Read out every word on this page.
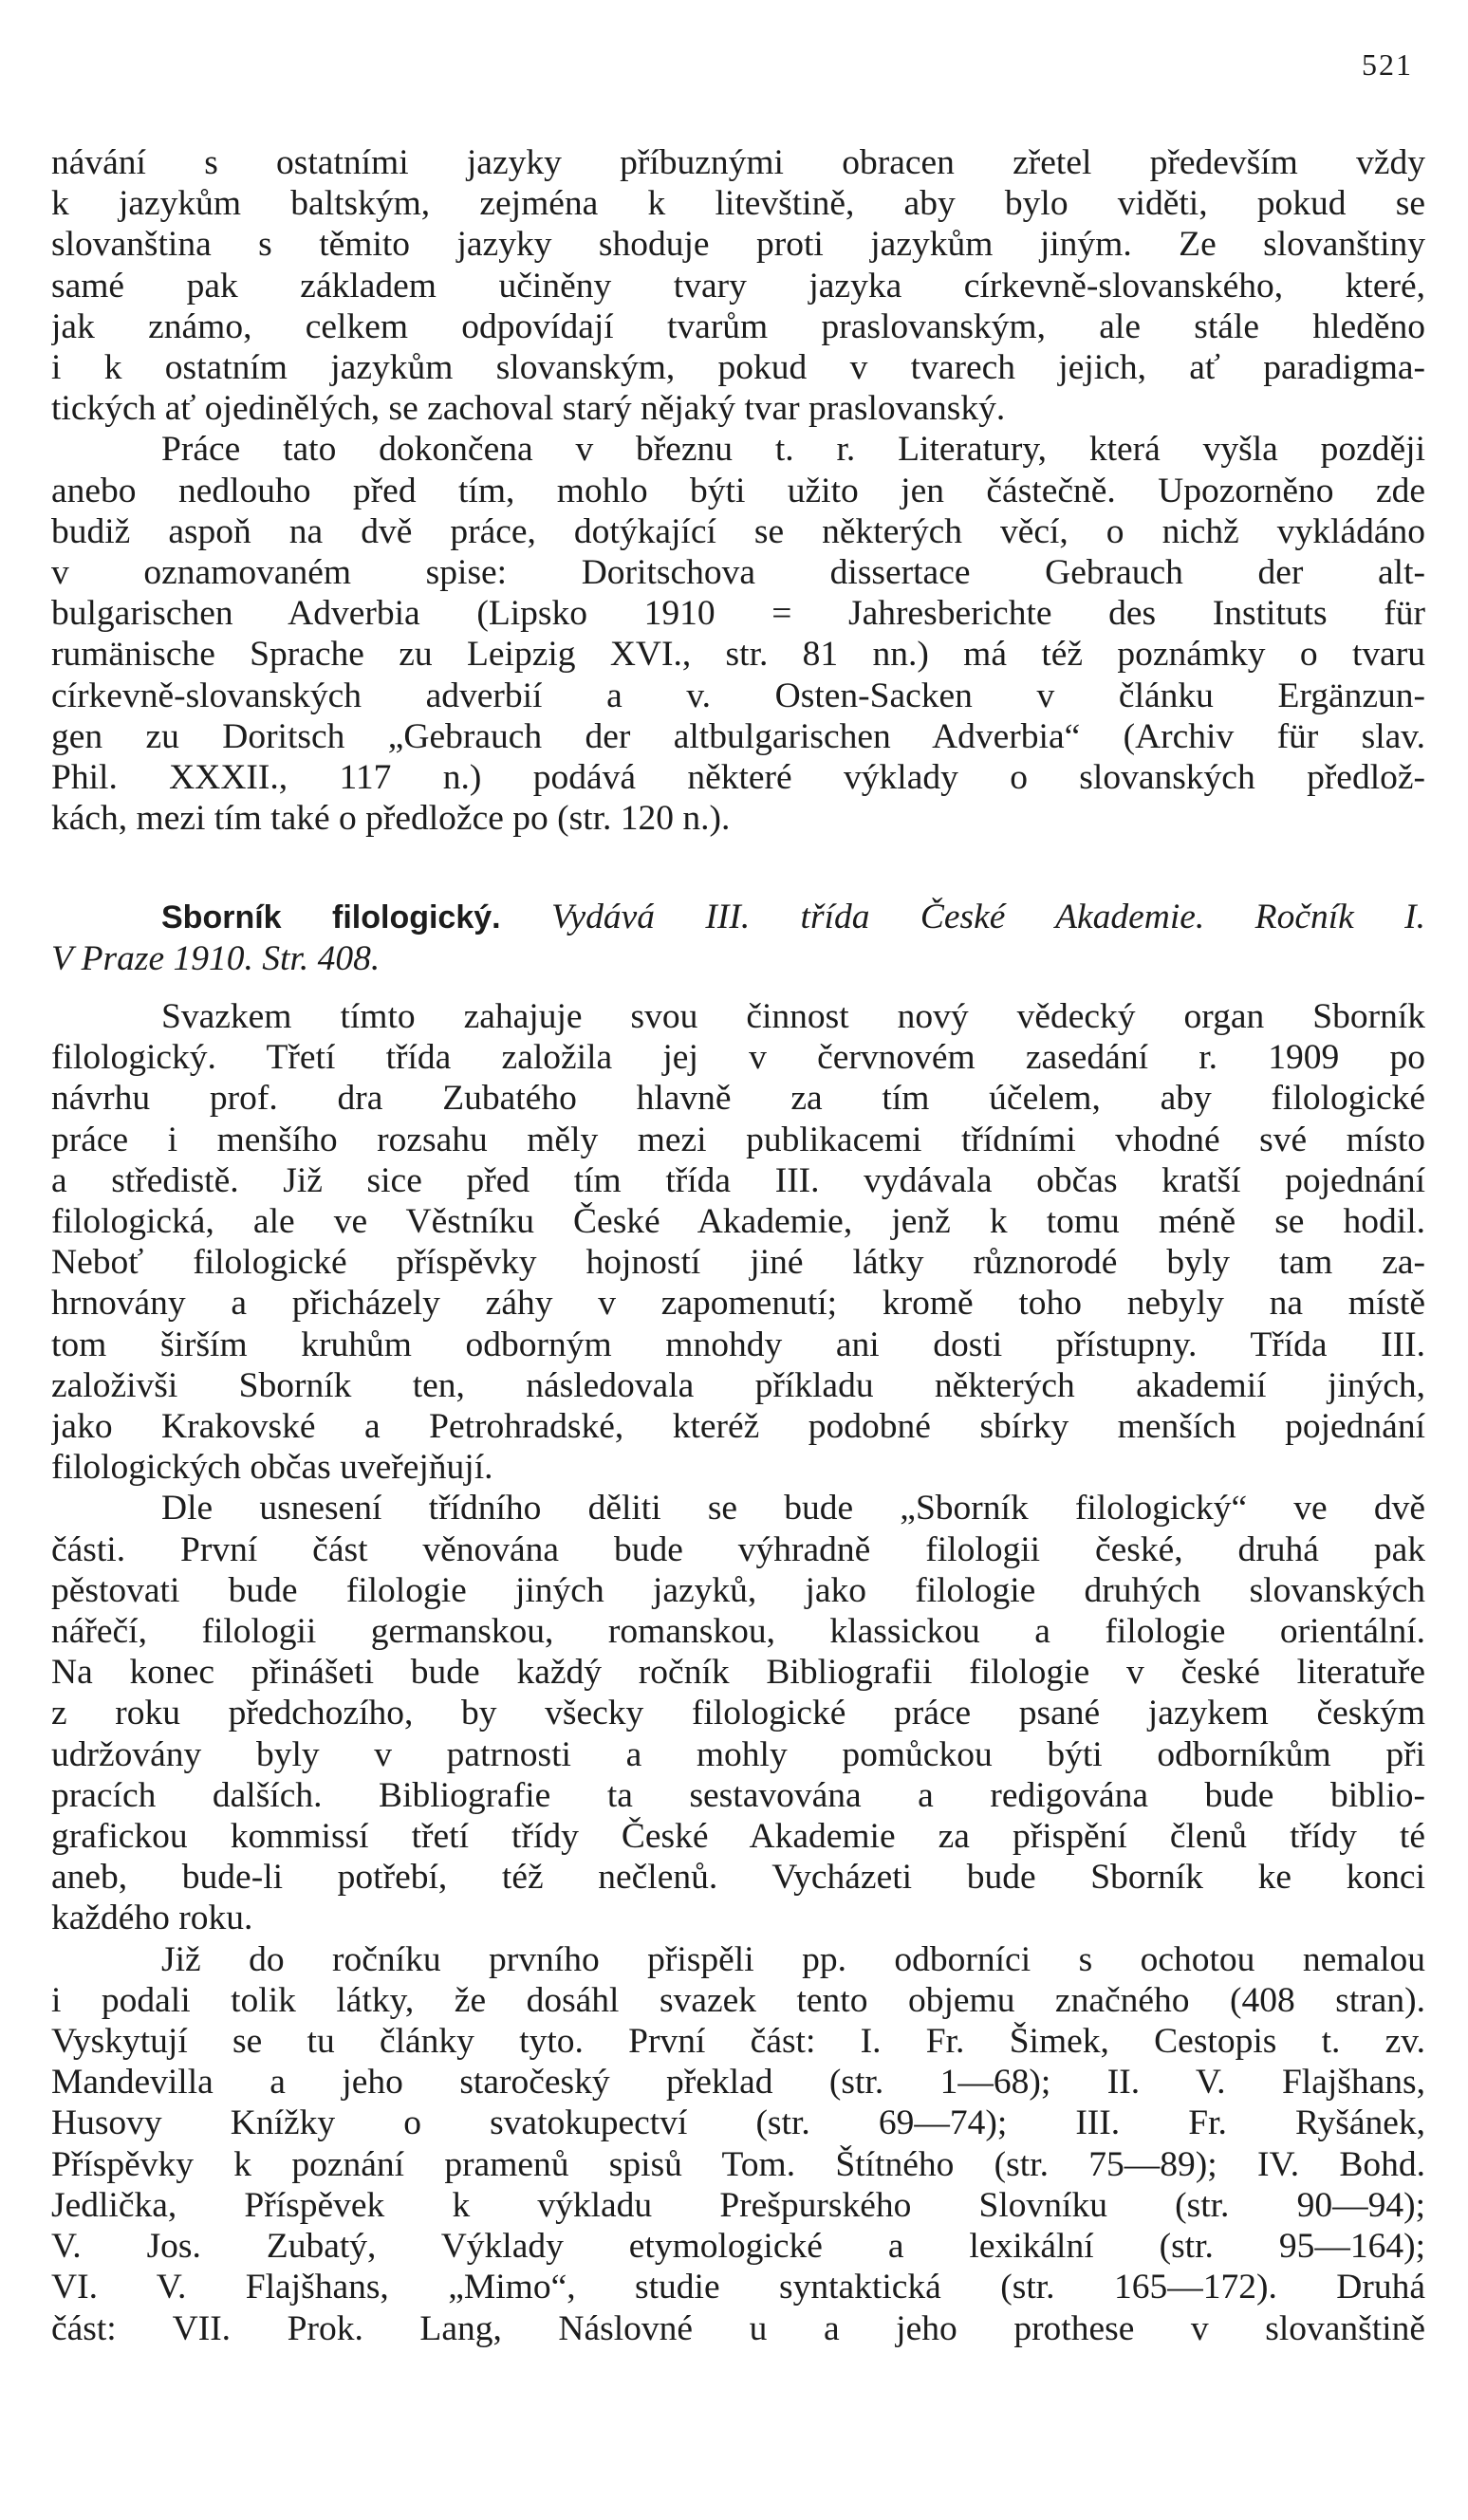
521
návání s ostatními jazyky příbuznými obracen zřetel především vždy
k jazykům baltským, zejména k litevštině, aby bylo viděti, pokud se
slovanština s těmito jazyky shoduje proti jazykům jiným. Ze slovanštiny
samé pak základem učiněny tvary jazyka církevně-slovanského, které,
jak známo, celkem odpovídají tvarům praslovanským, ale stále hleděno
i k ostatním jazykům slovanským, pokud v tvarech jejich, ať paradigma-
tických ať ojedinělých, se zachoval starý nějaký tvar praslovanský.
Práce tato dokončena v březnu t. r. Literatury, která vyšla později
anebo nedlouho před tím, mohlo býti užito jen částečně. Upozorněno zde
budiž aspoň na dvě práce, dotýkající se některých věcí, o nichž vykládáno
v oznamovaném spise: Doritschova dissertace Gebrauch der alt-
bulgarischen Adverbia (Lipsko 1910 = Jahresberichte des Instituts für
rumänische Sprache zu Leipzig XVI., str. 81 nn.) má též poznámky o tvaru
církevně-slovanských adverbií a v. Osten-Sacken v článku Ergänzun-
gen zu Doritsch „Gebrauch der altbulgarischen Adverbia“ (Archiv für slav.
Phil. XXXII., 117 n.) podává některé výklady o slovanských předlož-
kách, mezi tím také o předložce po (str. 120 n.).
Sborník filologický. Vydává III. třída České Akademie. Ročník I.
V Praze 1910. Str. 408.
Svazkem tímto zahajuje svou činnost nový vědecký organ Sborník
filologický. Třetí třída založila jej v červnovém zasedání r. 1909 po
návrhu prof. dra Zubatého hlavně za tím účelem, aby filologické
práce i menšího rozsahu měly mezi publikacemi třídními vhodné své místo
a středistě. Již sice před tím třída III. vydávala občas kratší pojednání
filologická, ale ve Věstníku České Akademie, jenž k tomu méně se hodil.
Neboť filologické příspěvky hojností jiné látky různorodé byly tam za-
hrnovány a přicházely záhy v zapomenutí; kromě toho nebyly na místě
tom širším kruhům odborným mnohdy ani dosti přístupny. Třída III.
založivši Sborník ten, následovala příkladu některých akademií jiných,
jako Krakovské a Petrohradské, kteréž podobné sbírky menších pojednání
filologických občas uveřejňují.
Dle usnesení třídního děliti se bude „Sborník filologický“ ve dvě
části. První část věnována bude výhradně filologii české, druhá pak
pěstovati bude filologie jiných jazyků, jako filologie druhých slovanských
nářečí, filologii germanskou, romanskou, klassickou a filologie orientální.
Na konec přinášeti bude každý ročník Bibliografii filologie v české literatuře
z roku předchozího, by všecky filologické práce psané jazykem českým
udržovány byly v patrnosti a mohly pomůckou býti odborníkům při
pracích dalších. Bibliografie ta sestavována a redigována bude biblio-
grafickou kommissí třetí třídy České Akademie za přispění členů třídy té
aneb, bude-li potřebí, též nečlenů. Vycházeti bude Sborník ke konci
každého roku.
Již do ročníku prvního přispěli pp. odborníci s ochotou nemalou
i podali tolik látky, že dosáhl svazek tento objemu značného (408 stran).
Vyskytují se tu články tyto. První část: I. Fr. Šimek, Cestopis t. zv.
Mandevilla a jeho staročeský překlad (str. 1—68); II. V. Flajšhans,
Husovy Knížky o svatokupectví (str. 69—74); III. Fr. Ryšánek,
Příspěvky k poznání pramenů spisů Tom. Štítného (str. 75—89); IV. Bohd.
Jedlička, Příspěvek k výkladu Prešpurského Slovníku (str. 90—94);
V. Jos. Zubatý, Výklady etymologické a lexikální (str. 95—164);
VI. V. Flajšhans, „Mimo“, studie syntaktická (str. 165—172). Druhá
část: VII. Prok. Lang, Náslovné u a jeho prothese v slovanštině
